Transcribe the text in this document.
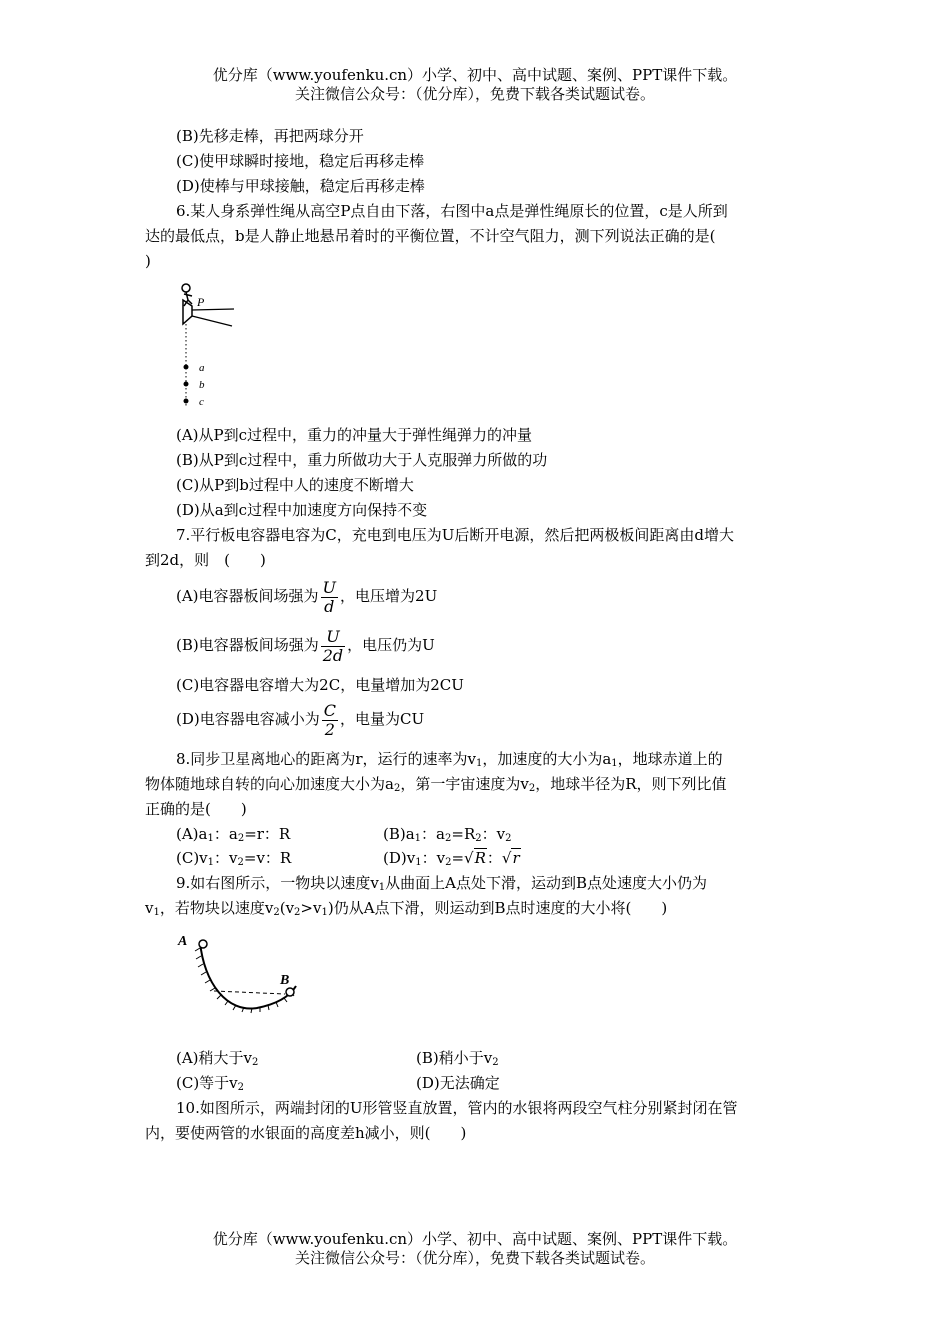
优分库（www.youfenku.cn）小学、初中、高中试题、案例、PPT课件下载。
关注微信公众号：（优分库），免费下载各类试题试卷。
(B)先移走棒，再把两球分开
(C)使甲球瞬时接地，稳定后再移走棒
(D)使棒与甲球接触，稳定后再移走棒
6.某人身系弹性绳从高空P点自由下落，右图中a点是弹性绳原长的位置，c是人所到
达的最低点，b是人静止地悬吊着时的平衡位置，不计空气阻力，测下列说法正确的是(
)
P
a
b
c
(A)从P到c过程中，重力的冲量大于弹性绳弹力的冲量
(B)从P到c过程中，重力所做功大于人克服弹力所做的功
(C)从P到b过程中人的速度不断增大
(D)从a到c过程中加速度方向保持不变
7.平行板电容器电容为C，充电到电压为U后断开电源，然后把两极板间距离由d增大
到2d，则　(　　)
(A)电容器板间场强为 $\frac{U}{d}$ ，电压增为2U
(B)电容器板间场强为 $\frac{U}{2d}$ ，电压仍为U
(C)电容器电容增大为2C，电量增加为2CU
(D)电容器电容减小为 $\frac{C}{2}$ ，电量为CU
8.同步卫星离地心的距离为r，运行的速率为$v_1$，加速度的大小为$a_1$，地球赤道上的
物体随地球自转的向心加速度大小为$a_2$，第一宇宙速度为$v_2$，地球半径为R，则下列比值
正确的是(　　)
$(A)a_1$：$a_2=r$：R	$(B)a_1$：$a_2=R_2$：$v_2$
$(C)v_1$：$v_2=v$：R	$(D)v_1$：$v_2=√R$：√r
9.如右图所示，一物块以速度$v_1$从曲面上A点处下滑，运动到B点处速度大小仍为
$v_1$，若物块以速度$v_2(v_2>v_1)$仍从A点下滑，则运动到B点时速度的大小将(　　)
A
B
(A)稍大于$v_2$	(B)稍小于$v_2$
(C)等于$v_2$	(D)无法确定
10.如图所示，两端封闭的U形管竖直放置，管内的水银将两段空气柱分别紧封闭在管
内，要使两管的水银面的高度差h减小，则(　　)
优分库（www.youfenku.cn）小学、初中、高中试题、案例、PPT课件下载。
关注微信公众号：（优分库），免费下载各类试题试卷。
